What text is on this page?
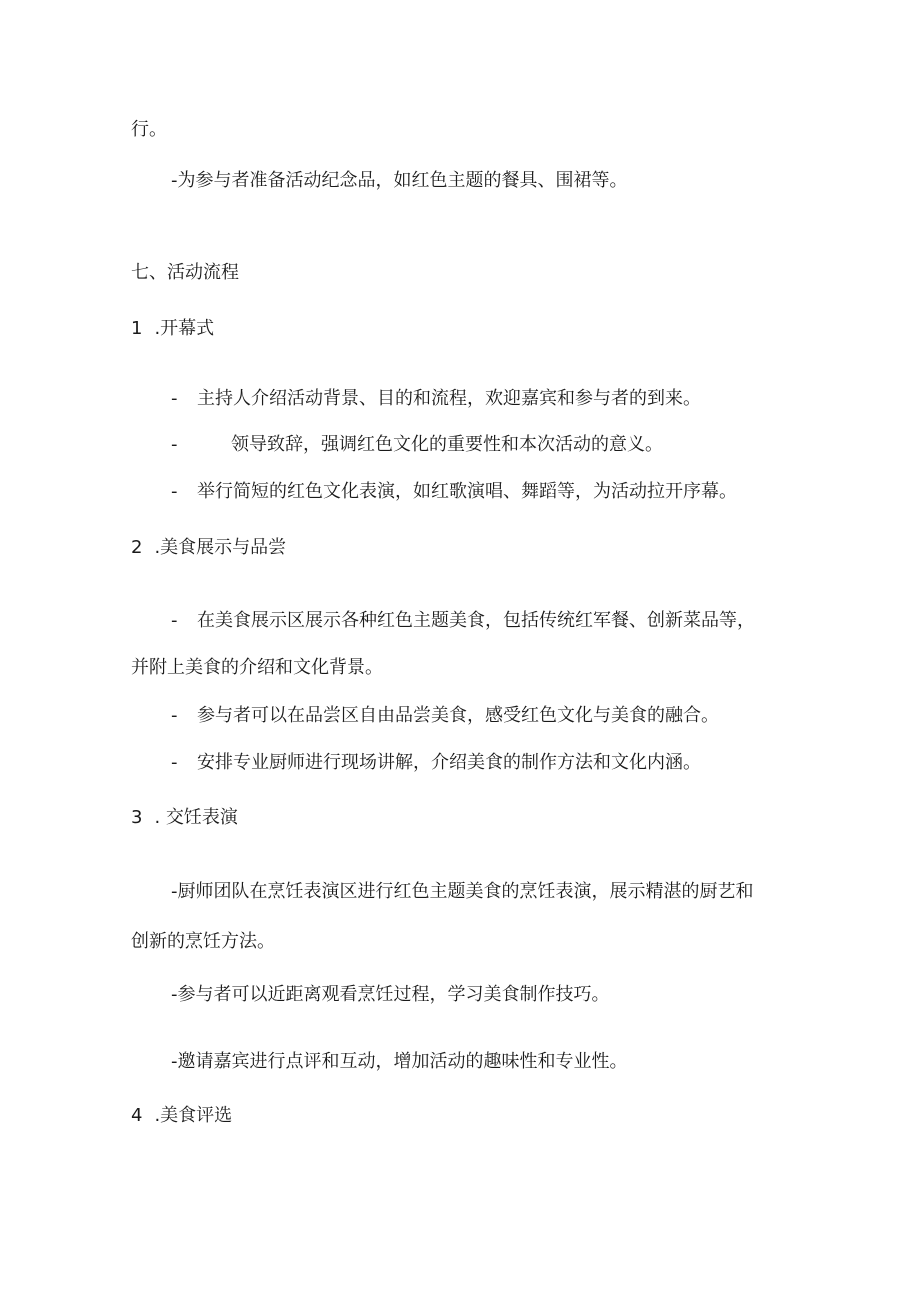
行。
-为参与者准备活动纪念品，如红色主题的餐具、围裙等。
七、活动流程
1 .开幕式
- 主持人介绍活动背景、目的和流程，欢迎嘉宾和参与者的到来。
-	领导致辞，强调红色文化的重要性和本次活动的意义。
- 举行简短的红色文化表演，如红歌演唱、舞蹈等，为活动拉开序幕。
2 .美食展示与品尝
- 在美食展示区展示各种红色主题美食，包括传统红军餐、创新菜品等，
并附上美食的介绍和文化背景。
- 参与者可以在品尝区自由品尝美食，感受红色文化与美食的融合。
- 安排专业厨师进行现场讲解，介绍美食的制作方法和文化内涵。
3 . 交饪表演
-厨师团队在烹饪表演区进行红色主题美食的烹饪表演，展示精湛的厨艺和
创新的烹饪方法。
-参与者可以近距离观看烹饪过程，学习美食制作技巧。
-邀请嘉宾进行点评和互动，增加活动的趣味性和专业性。
4 .美食评选
